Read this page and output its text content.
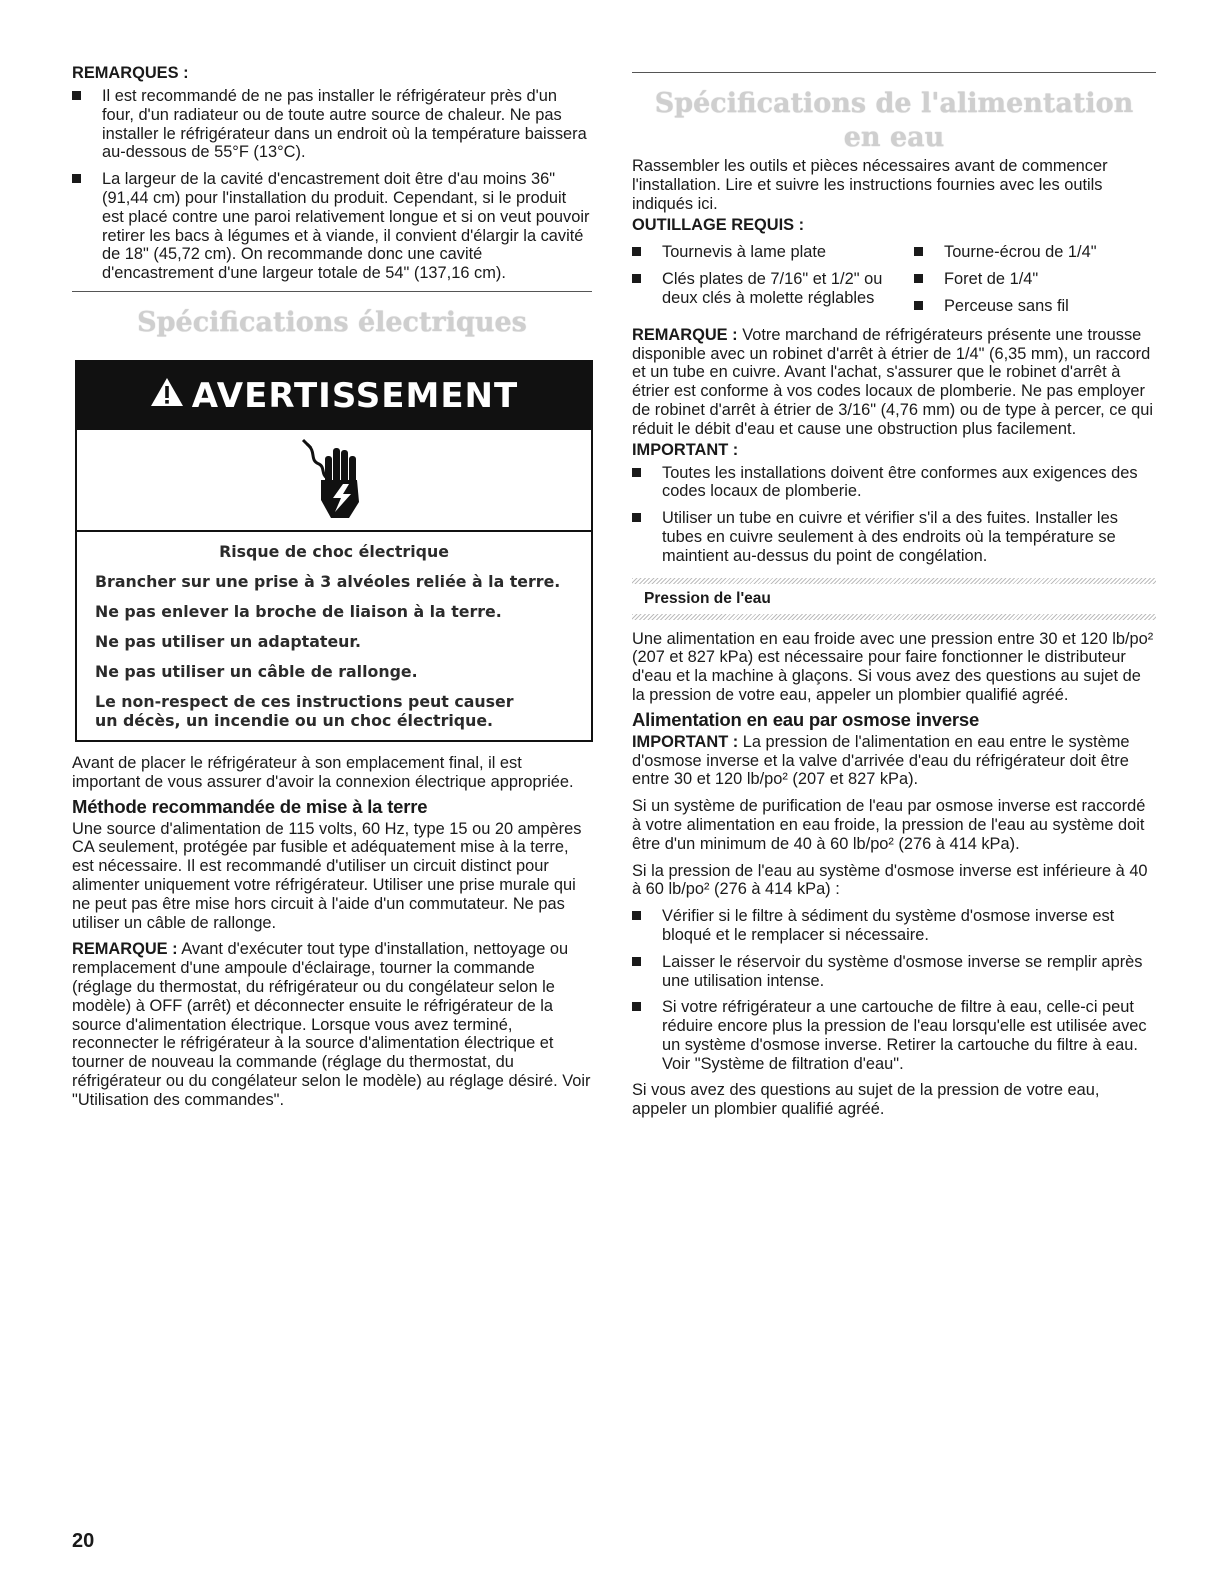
REMARQUES :

Il est recommandé de ne pas installer le réfrigérateur près d'un four, d'un radiateur ou de toute autre source de chaleur. Ne pas installer le réfrigérateur dans un endroit où la température baissera au-dessous de 55°F (13°C).
La largeur de la cavité d'encastrement doit être d'au moins 36" (91,44 cm) pour l'installation du produit. Cependant, si le produit est placé contre une paroi relativement longue et si on veut pouvoir retirer les bacs à légumes et à viande, il convient d'élargir la cavité de 18" (45,72 cm). On recommande donc une cavité d'encastrement d'une largeur totale de 54" (137,16 cm).
Spécifications électriques
AVERTISSEMENT

Risque de choc électrique

Brancher sur une prise à 3 alvéoles reliée à la terre.

Ne pas enlever la broche de liaison à la terre.

Ne pas utiliser un adaptateur.

Ne pas utiliser un câble de rallonge.

Le non-respect de ces instructions peut causer un décès, un incendie ou un choc électrique.

Avant de placer le réfrigérateur à son emplacement final, il est important de vous assurer d'avoir la connexion électrique appropriée.

Méthode recommandée de mise à la terre

Une source d'alimentation de 115 volts, 60 Hz, type 15 ou 20 ampères CA seulement, protégée par fusible et adéquatement mise à la terre, est nécessaire. Il est recommandé d'utiliser un circuit distinct pour alimenter uniquement votre réfrigérateur. Utiliser une prise murale qui ne peut pas être mise hors circuit à l'aide d'un commutateur. Ne pas utiliser un câble de rallonge.

REMARQUE : Avant d'exécuter tout type d'installation, nettoyage ou remplacement d'une ampoule d'éclairage, tourner la commande (réglage du thermostat, du réfrigérateur ou du congélateur selon le modèle) à OFF (arrêt) et déconnecter ensuite le réfrigérateur de la source d'alimentation électrique. Lorsque vous avez terminé, reconnecter le réfrigérateur à la source d'alimentation électrique et tourner de nouveau la commande (réglage du thermostat, du réfrigérateur ou du congélateur selon le modèle) au réglage désiré. Voir "Utilisation des commandes".

Spécifications de l'alimentation en eau

Rassembler les outils et pièces nécessaires avant de commencer l'installation. Lire et suivre les instructions fournies avec les outils indiqués ici.

OUTILLAGE REQUIS :

Tournevis à lame plate
Clés plates de 7/16" et 1/2" ou deux clés à molette réglables
Tourne-écrou de 1/4"
Foret de 1/4"
Perceuse sans fil

REMARQUE : Votre marchand de réfrigérateurs présente une trousse disponible avec un robinet d'arrêt à étrier de 1/4" (6,35 mm), un raccord et un tube en cuivre. Avant l'achat, s'assurer que le robinet d'arrêt à étrier est conforme à vos codes locaux de plomberie. Ne pas employer de robinet d'arrêt à étrier de 3/16" (4,76 mm) ou de type à percer, ce qui réduit le débit d'eau et cause une obstruction plus facilement.

IMPORTANT :

Toutes les installations doivent être conformes aux exigences des codes locaux de plomberie.
Utiliser un tube en cuivre et vérifier s'il a des fuites. Installer les tubes en cuivre seulement à des endroits où la température se maintient au-dessus du point de congélation.
Pression de l'eau

Une alimentation en eau froide avec une pression entre 30 et 120 lb/po² (207 et 827 kPa) est nécessaire pour faire fonctionner le distributeur d'eau et la machine à glaçons. Si vous avez des questions au sujet de la pression de votre eau, appeler un plombier qualifié agréé.

Alimentation en eau par osmose inverse

IMPORTANT : La pression de l'alimentation en eau entre le système d'osmose inverse et la valve d'arrivée d'eau du réfrigérateur doit être entre 30 et 120 lb/po² (207 et 827 kPa).

Si un système de purification de l'eau par osmose inverse est raccordé à votre alimentation en eau froide, la pression de l'eau au système doit être d'un minimum de 40 à 60 lb/po² (276 à 414 kPa).

Si la pression de l'eau au système d'osmose inverse est inférieure à 40 à 60 lb/po² (276 à 414 kPa) :

Vérifier si le filtre à sédiment du système d'osmose inverse est bloqué et le remplacer si nécessaire.
Laisser le réservoir du système d'osmose inverse se remplir après une utilisation intense.
Si votre réfrigérateur a une cartouche de filtre à eau, celle-ci peut réduire encore plus la pression de l'eau lorsqu'elle est utilisée avec un système d'osmose inverse. Retirer la cartouche du filtre à eau. Voir "Système de filtration d'eau".

Si vous avez des questions au sujet de la pression de votre eau, appeler un plombier qualifié agréé.

20
